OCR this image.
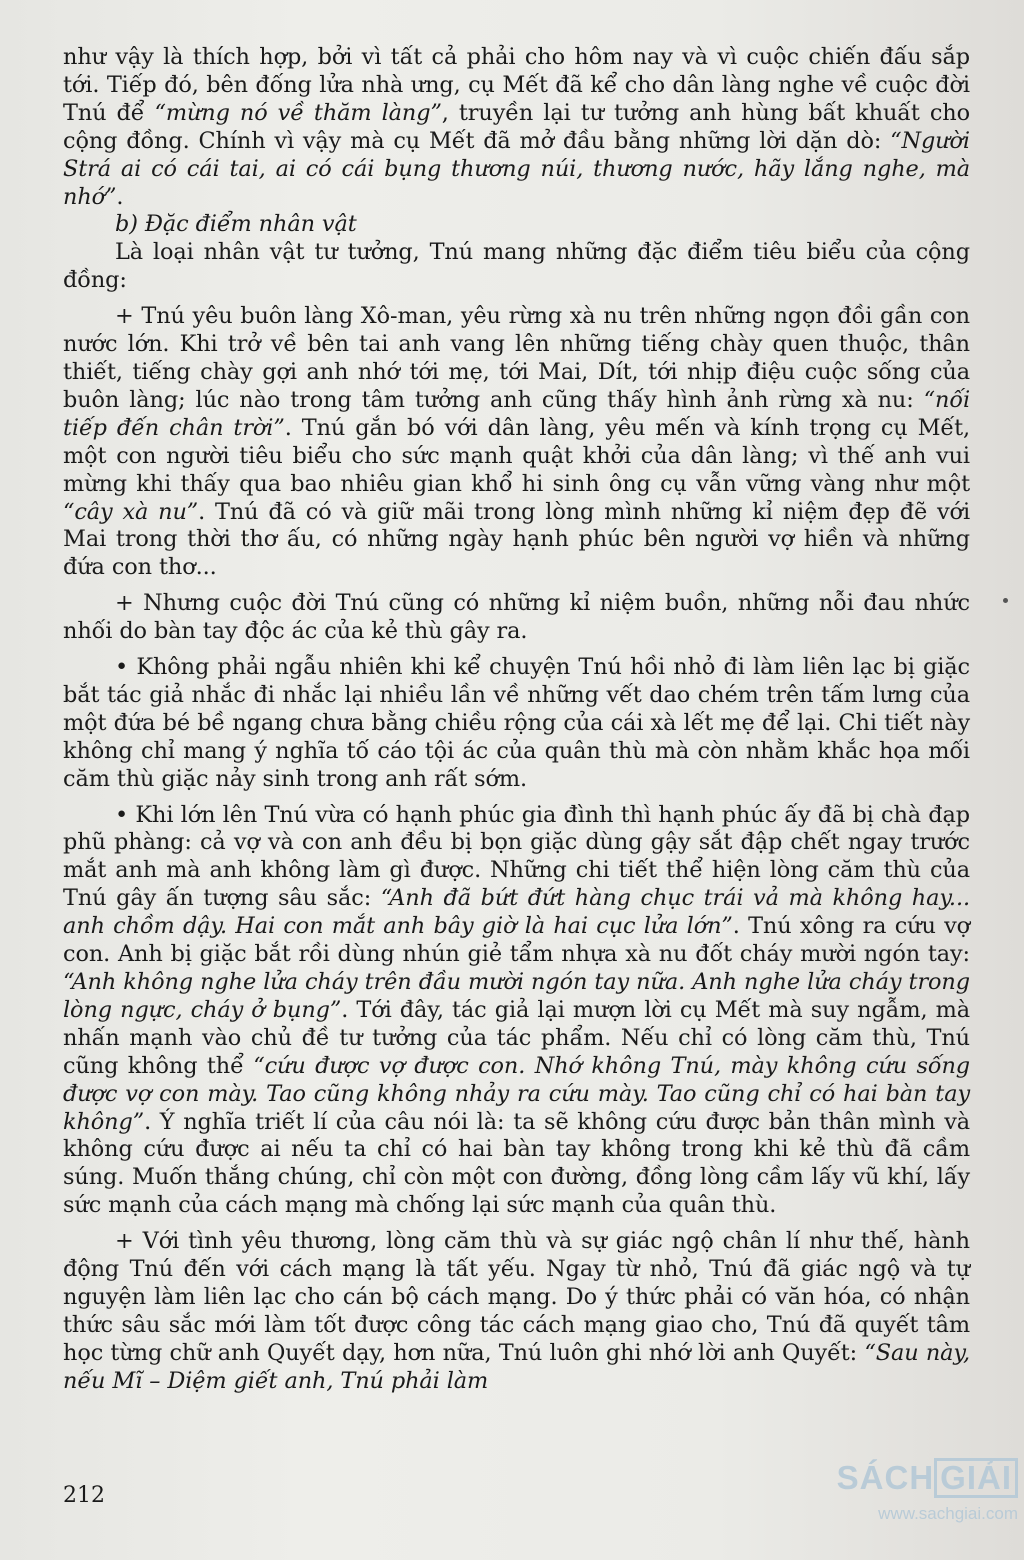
như vậy là thích hợp, bởi vì tất cả phải cho hôm nay và vì cuộc chiến đấu sắp tới. Tiếp đó, bên đống lửa nhà ưng, cụ Mết đã kể cho dân làng nghe về cuộc đời Tnú để “mừng nó về thăm làng”, truyền lại tư tưởng anh hùng bất khuất cho cộng đồng. Chính vì vậy mà cụ Mết đã mở đầu bằng những lời dặn dò: “Người Strá ai có cái tai, ai có cái bụng thương núi, thương nước, hãy lắng nghe, mà nhớ”.

b) Đặc điểm nhân vật

Là loại nhân vật tư tưởng, Tnú mang những đặc điểm tiêu biểu của cộng đồng:

+ Tnú yêu buôn làng Xô-man, yêu rừng xà nu trên những ngọn đồi gần con nước lớn. Khi trở về bên tai anh vang lên những tiếng chày quen thuộc, thân thiết, tiếng chày gợi anh nhớ tới mẹ, tới Mai, Dít, tới nhịp điệu cuộc sống của buôn làng; lúc nào trong tâm tưởng anh cũng thấy hình ảnh rừng xà nu: “nối tiếp đến chân trời”. Tnú gắn bó với dân làng, yêu mến và kính trọng cụ Mết, một con người tiêu biểu cho sức mạnh quật khởi của dân làng; vì thế anh vui mừng khi thấy qua bao nhiêu gian khổ hi sinh ông cụ vẫn vững vàng như một “cây xà nu”. Tnú đã có và giữ mãi trong lòng mình những kỉ niệm đẹp đẽ với Mai trong thời thơ ấu, có những ngày hạnh phúc bên người vợ hiền và những đứa con thơ...

+ Nhưng cuộc đời Tnú cũng có những kỉ niệm buồn, những nỗi đau nhức nhối do bàn tay độc ác của kẻ thù gây ra.

• Không phải ngẫu nhiên khi kể chuyện Tnú hồi nhỏ đi làm liên lạc bị giặc bắt tác giả nhắc đi nhắc lại nhiều lần về những vết dao chém trên tấm lưng của một đứa bé bề ngang chưa bằng chiều rộng của cái xà lết mẹ để lại. Chi tiết này không chỉ mang ý nghĩa tố cáo tội ác của quân thù mà còn nhằm khắc họa mối căm thù giặc nảy sinh trong anh rất sớm.

• Khi lớn lên Tnú vừa có hạnh phúc gia đình thì hạnh phúc ấy đã bị chà đạp phũ phàng: cả vợ và con anh đều bị bọn giặc dùng gậy sắt đập chết ngay trước mắt anh mà anh không làm gì được. Những chi tiết thể hiện lòng căm thù của Tnú gây ấn tượng sâu sắc: “Anh đã bứt đứt hàng chục trái vả mà không hay... anh chồm dậy. Hai con mắt anh bây giờ là hai cục lửa lớn”. Tnú xông ra cứu vợ con. Anh bị giặc bắt rồi dùng nhún giẻ tẩm nhựa xà nu đốt cháy mười ngón tay: “Anh không nghe lửa cháy trên đầu mười ngón tay nữa. Anh nghe lửa cháy trong lòng ngực, cháy ở bụng”. Tới đây, tác giả lại mượn lời cụ Mết mà suy ngẫm, mà nhấn mạnh vào chủ đề tư tưởng của tác phẩm. Nếu chỉ có lòng căm thù, Tnú cũng không thể “cứu được vợ được con. Nhớ không Tnú, mày không cứu sống được vợ con mày. Tao cũng không nhảy ra cứu mày. Tao cũng chỉ có hai bàn tay không”. Ý nghĩa triết lí của câu nói là: ta sẽ không cứu được bản thân mình và không cứu được ai nếu ta chỉ có hai bàn tay không trong khi kẻ thù đã cầm súng. Muốn thắng chúng, chỉ còn một con đường, đồng lòng cầm lấy vũ khí, lấy sức mạnh của cách mạng mà chống lại sức mạnh của quân thù.

+ Với tình yêu thương, lòng căm thù và sự giác ngộ chân lí như thế, hành động Tnú đến với cách mạng là tất yếu. Ngay từ nhỏ, Tnú đã giác ngộ và tự nguyện làm liên lạc cho cán bộ cách mạng. Do ý thức phải có văn hóa, có nhận thức sâu sắc mới làm tốt được công tác cách mạng giao cho, Tnú đã quyết tâm học từng chữ anh Quyết dạy, hơn nữa, Tnú luôn ghi nhớ lời anh Quyết: “Sau này, nếu Mĩ – Diệm giết anh, Tnú phải làm

212	SÁCH GIẢI
www.sachgiai.com
